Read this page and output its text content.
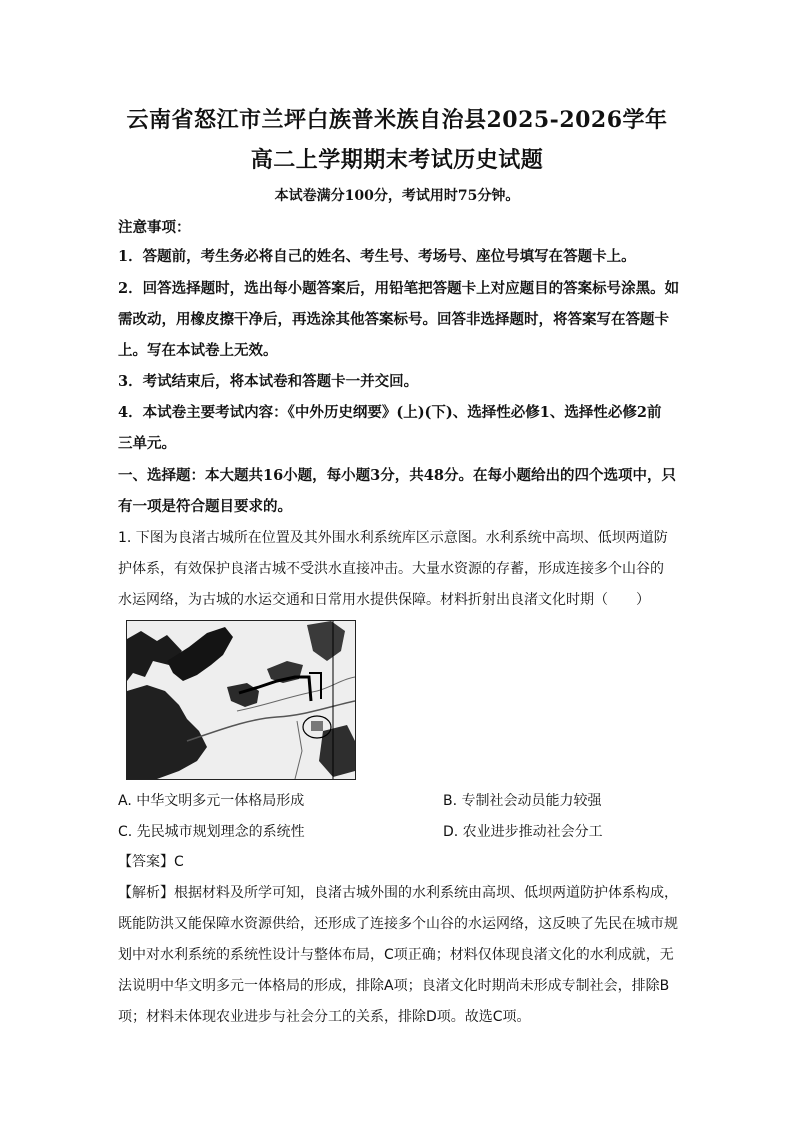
云南省怒江市兰坪白族普米族自治县2025-2026学年
高二上学期期末考试历史试题
本试卷满分100分，考试用时75分钟。
注意事项：
1．答题前，考生务必将自己的姓名、考生号、考场号、座位号填写在答题卡上。
2．回答选择题时，选出每小题答案后，用铅笔把答题卡上对应题目的答案标号涂黑。如
需改动，用橡皮擦干净后，再选涂其他答案标号。回答非选择题时，将答案写在答题卡
上。写在本试卷上无效。
3．考试结束后，将本试卷和答题卡一并交回。
4．本试卷主要考试内容：《中外历史纲要》(上)(下)、选择性必修1、选择性必修2前
三单元。
一、选择题：本大题共16小题，每小题3分，共48分。在每小题给出的四个选项中，只
有一项是符合题目要求的。
1. 下图为良渚古城所在位置及其外围水利系统库区示意图。水利系统中高坝、低坝两道防
护体系，有效保护良渚古城不受洪水直接冲击。大量水资源的存蓄，形成连接多个山谷的
水运网络，为古城的水运交通和日常用水提供保障。材料折射出良渚文化时期（　　）
A. 中华文明多元一体格局形成	B. 专制社会动员能力较强
C. 先民城市规划理念的系统性	D. 农业进步推动社会分工
【答案】C
【解析】根据材料及所学可知，良渚古城外围的水利系统由高坝、低坝两道防护体系构成，
既能防洪又能保障水资源供给，还形成了连接多个山谷的水运网络，这反映了先民在城市规
划中对水利系统的系统性设计与整体布局，C项正确；材料仅体现良渚文化的水利成就，无
法说明中华文明多元一体格局的形成，排除A项；良渚文化时期尚未形成专制社会，排除B
项；材料未体现农业进步与社会分工的关系，排除D项。故选C项。
